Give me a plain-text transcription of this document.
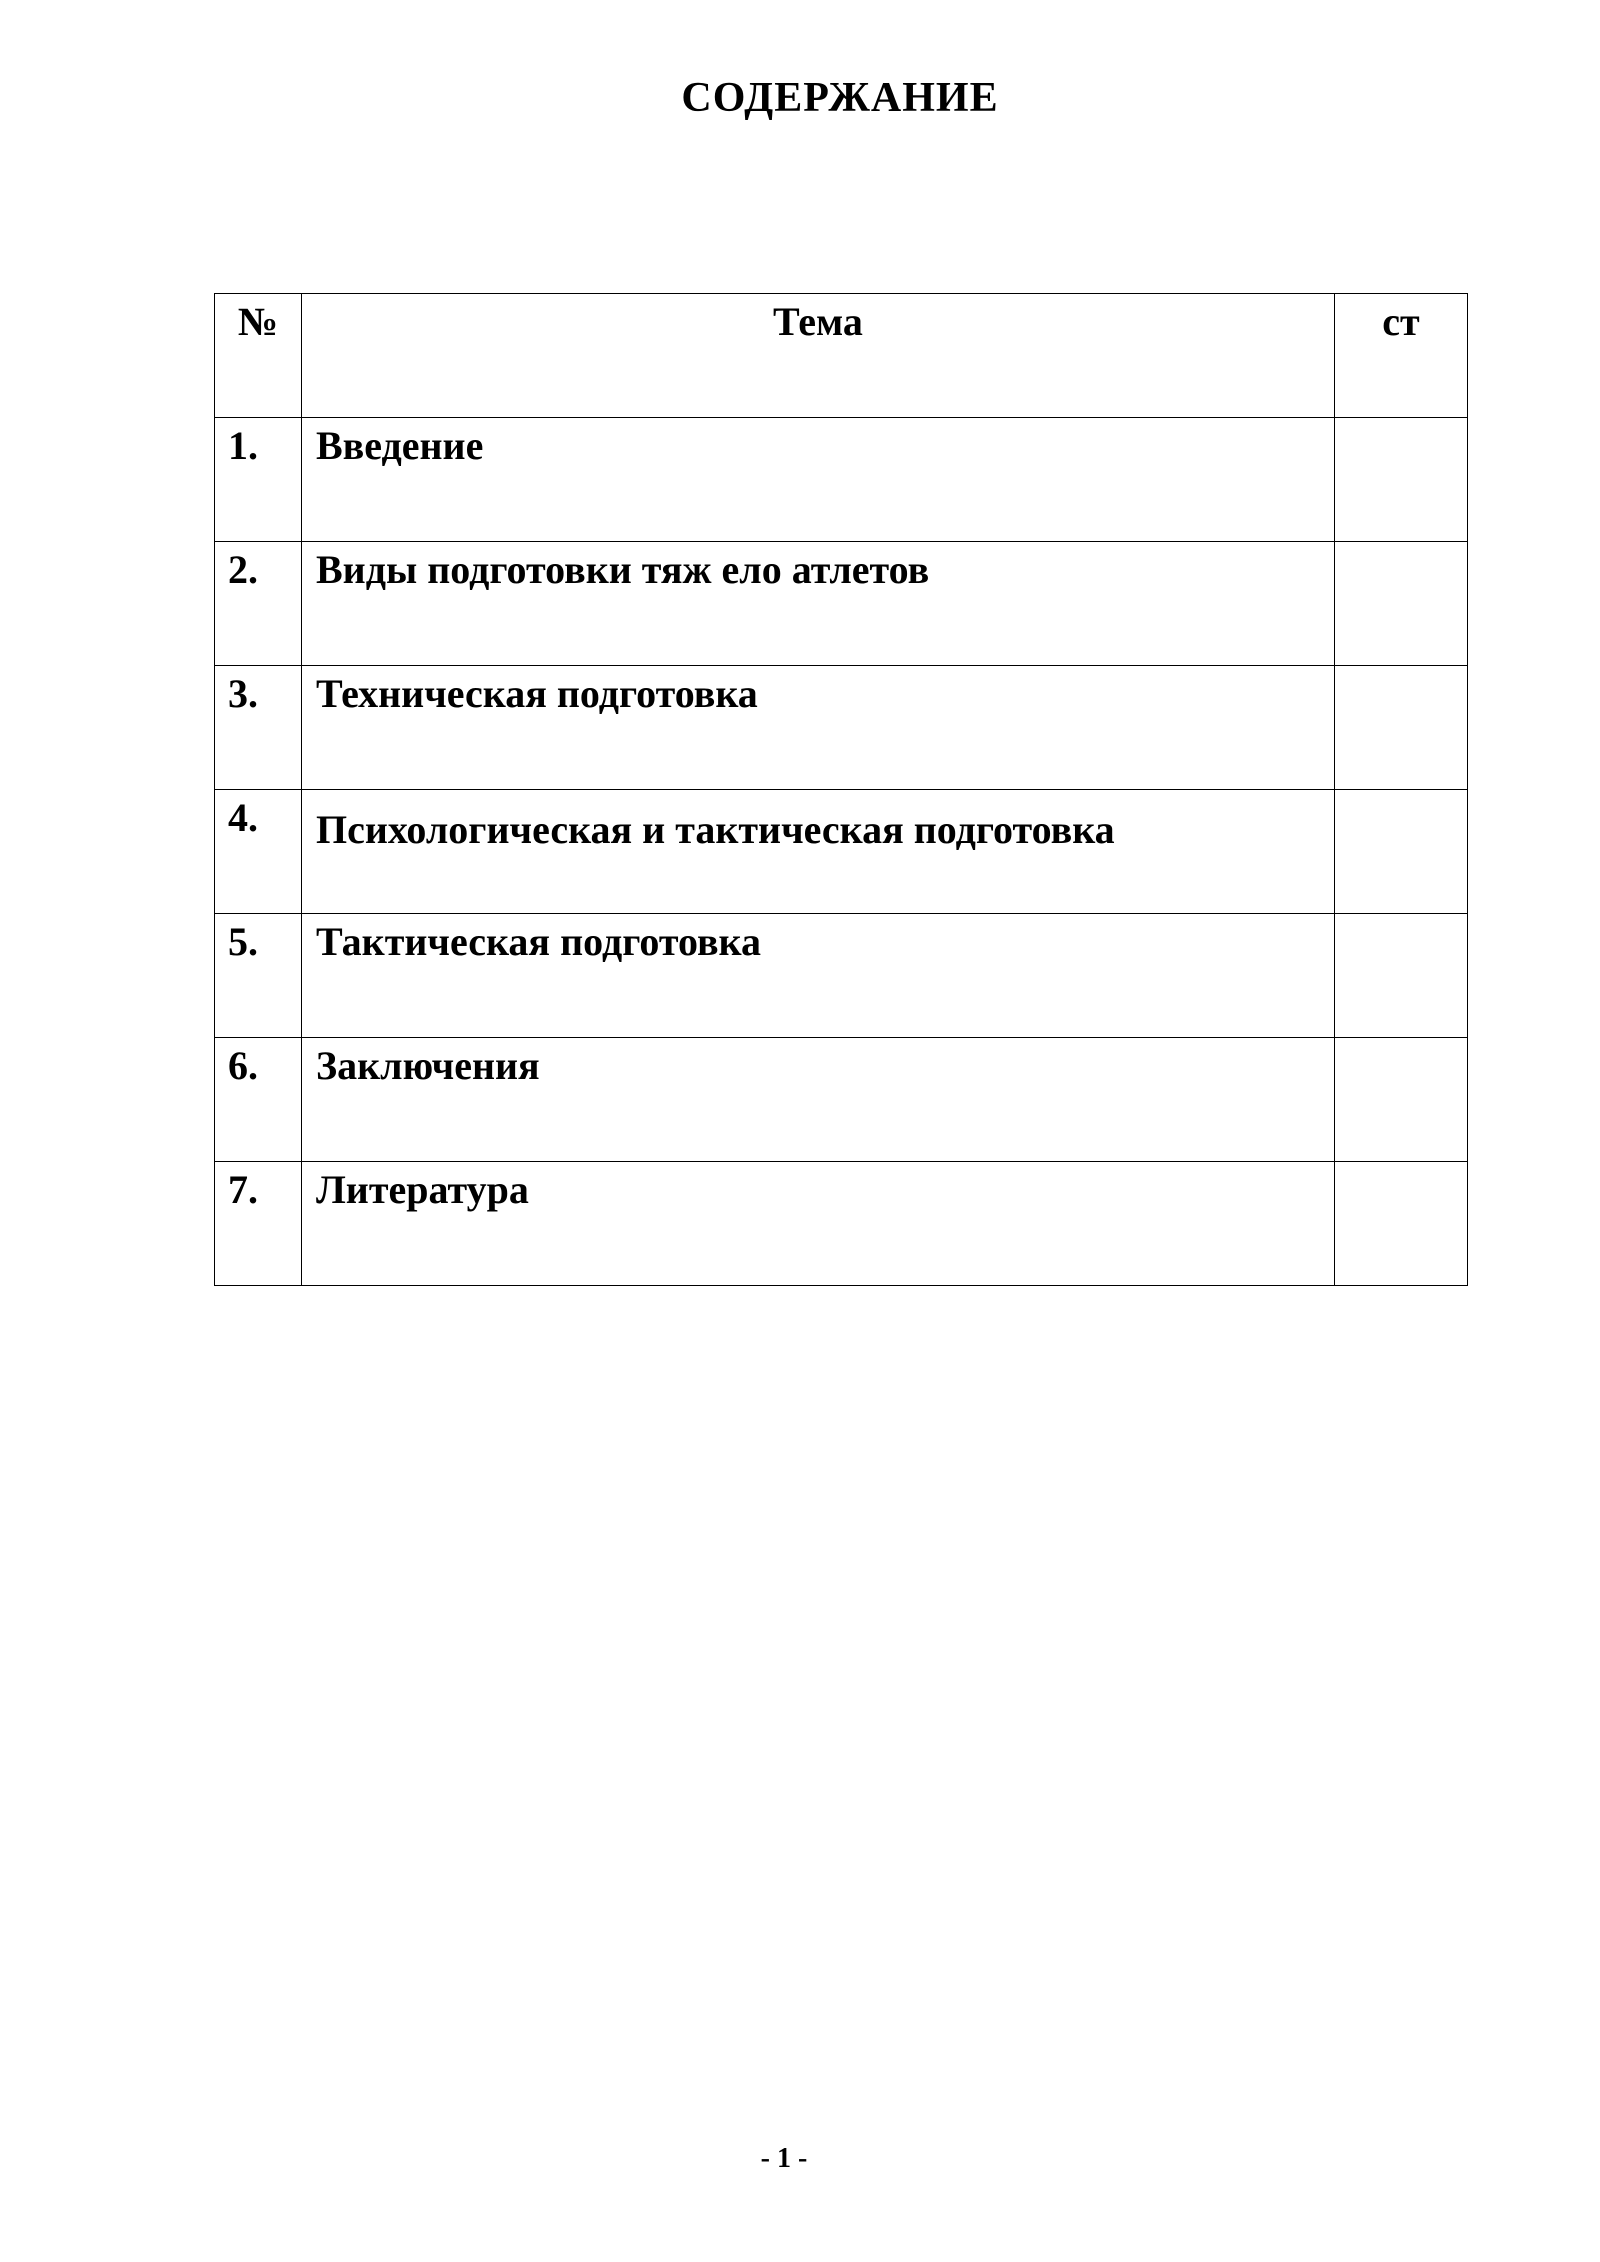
СОДЕРЖАНИЕ
№	Тема	ст
1.	Введение	
2.	Виды подготовки тяж ело атлетов	
3.	Техническая подготовка	
4.	Психологическая и тактическая подготовка	
5.	Тактическая подготовка	
6.	Заключения	
7.	Литература	
- 1 -
